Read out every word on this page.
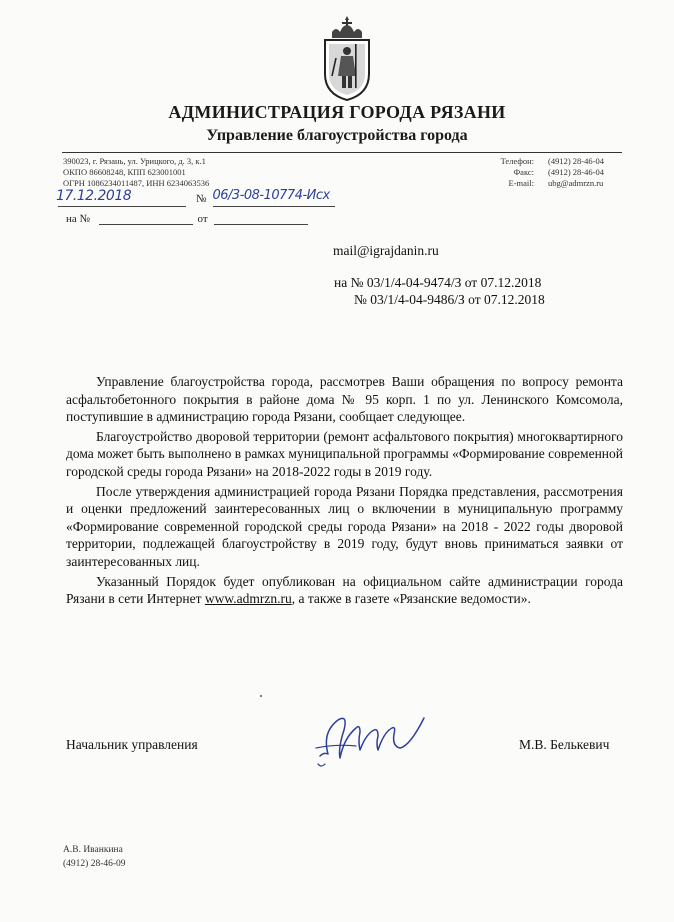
АДМИНИСТРАЦИЯ ГОРОДА РЯЗАНИ
Управление благоустройства города
390023, г. Рязань, ул. Урицкого, д. 3, к.1
ОКПО 86608248, КПП 623001001
ОГРН 1086234011487, ИНН 6234063536
Телефон:	(4912) 28-46-04
Факс:	(4912) 28-46-04
E-mail:	ubg@admrzn.ru
17.12.2018	№ 06/3-08-10774-Исх
на №	от
mail@igrajdanin.ru
на № 03/1/4-04-9474/З от 07.12.2018
№ 03/1/4-04-9486/З от 07.12.2018

Управление благоустройства города, рассмотрев Ваши обращения по вопросу ремонта асфальтобетонного покрытия в районе дома № 95 корп. 1 по ул. Ленинского Комсомола, поступившие в администрацию города Рязани, сообщает следующее.

Благоустройство дворовой территории (ремонт асфальтового покрытия) многоквартирного дома может быть выполнено в рамках муниципальной программы «Формирование современной городской среды города Рязани» на 2018-2022 годы в 2019 году.

После утверждения администрацией города Рязани Порядка представления, рассмотрения и оценки предложений заинтересованных лиц о включении в муниципальную программу «Формирование современной городской среды города Рязани» на 2018 - 2022 годы дворовой территории, подлежащей благоустройству в 2019 году, будут вновь приниматься заявки от заинтересованных лиц.

Указанный Порядок будет опубликован на официальном сайте администрации города Рязани в сети Интернет www.admrzn.ru, а также в газете «Рязанские ведомости».

Начальник управления	М.В. Белькевич
А.В. Иванкина
(4912) 28-46-09
